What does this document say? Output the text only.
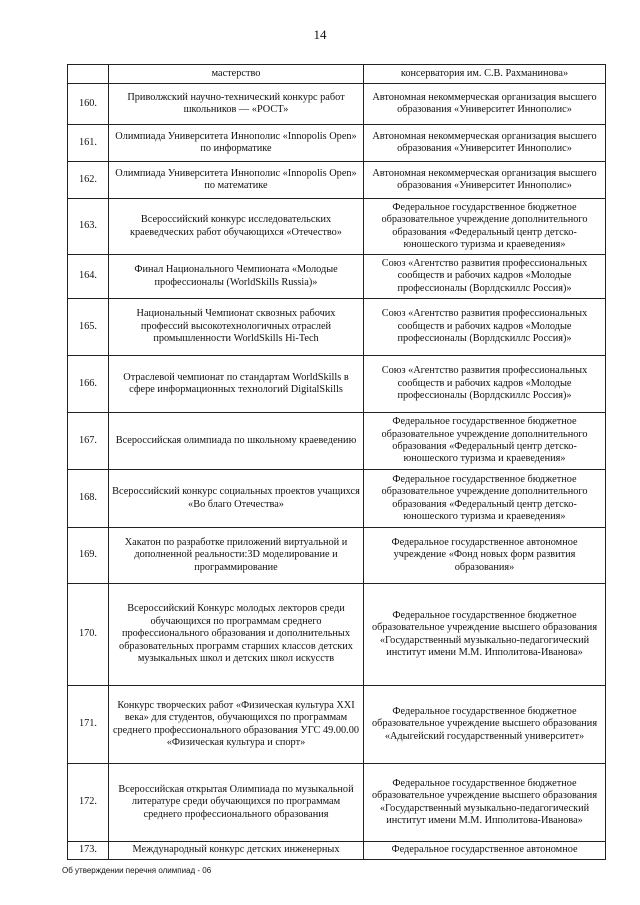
14
	мастерство	консерватория им. С.В. Рахманинова»
160.	Приволжский научно-технический конкурс работ школьников — «РОСТ»	Автономная некоммерческая организация высшего образования «Университет Иннополис»
161.	Олимпиада Университета Иннополис «Innopolis Open» по информатике	Автономная некоммерческая организация высшего образования «Университет Иннополис»
162.	Олимпиада Университета Иннополис «Innopolis Open» по математике	Автономная некоммерческая организация высшего образования «Университет Иннополис»
163.	Всероссийский конкурс исследовательских краеведческих работ обучающихся «Отечество»	Федеральное государственное бюджетное образовательное учреждение дополнительного образования «Федеральный центр детско-юношеского туризма и краеведения»
164.	Финал Национального Чемпионата «Молодые профессионалы (WorldSkills Russia)»	Союз «Агентство развития профессиональных сообществ и рабочих кадров «Молодые профессионалы (Ворлдскиллс Россия)»
165.	Национальный Чемпионат сквозных рабочих профессий высокотехнологичных отраслей промышленности WorldSkills Hi-Tech	Союз «Агентство развития профессиональных сообществ и рабочих кадров «Молодые профессионалы (Ворлдскиллс Россия)»
166.	Отраслевой чемпионат по стандартам WorldSkills в сфере информационных технологий DigitalSkills	Союз «Агентство развития профессиональных сообществ и рабочих кадров «Молодые профессионалы (Ворлдскиллс Россия)»
167.	Всероссийская олимпиада по школьному краеведению	Федеральное государственное бюджетное образовательное учреждение дополнительного образования «Федеральный центр детско-юношеского туризма и краеведения»
168.	Всероссийский конкурс социальных проектов учащихся «Во благо Отечества»	Федеральное государственное бюджетное образовательное учреждение дополнительного образования «Федеральный центр детско-юношеского туризма и краеведения»
169.	Хакатон по разработке приложений виртуальной и дополненной реальности:3D моделирование и программирование	Федеральное государственное автономное учреждение «Фонд новых форм развития образования»
170.	Всероссийский Конкурс молодых лекторов среди обучающихся по программам среднего профессионального образования и дополнительных образовательных программ старших классов детских музыкальных школ и детских школ искусств	Федеральное государственное бюджетное образовательное учреждение высшего образования «Государственный музыкально-педагогический институт имени М.М. Ипполитова-Иванова»
171.	Конкурс творческих работ «Физическая культура XXI века» для студентов, обучающихся по программам среднего профессионального образования УГС 49.00.00 «Физическая культура и спорт»	Федеральное государственное бюджетное образовательное учреждение высшего образования «Адыгейский государственный университет»
172.	Всероссийская открытая Олимпиада по музыкальной литературе среди обучающихся по программам среднего профессионального образования	Федеральное государственное бюджетное образовательное учреждение высшего образования «Государственный музыкально-педагогический институт имени М.М. Ипполитова-Иванова»
173.	Международный конкурс детских инженерных	Федеральное государственное автономное
Об утверждении перечня олимпиад - 06
